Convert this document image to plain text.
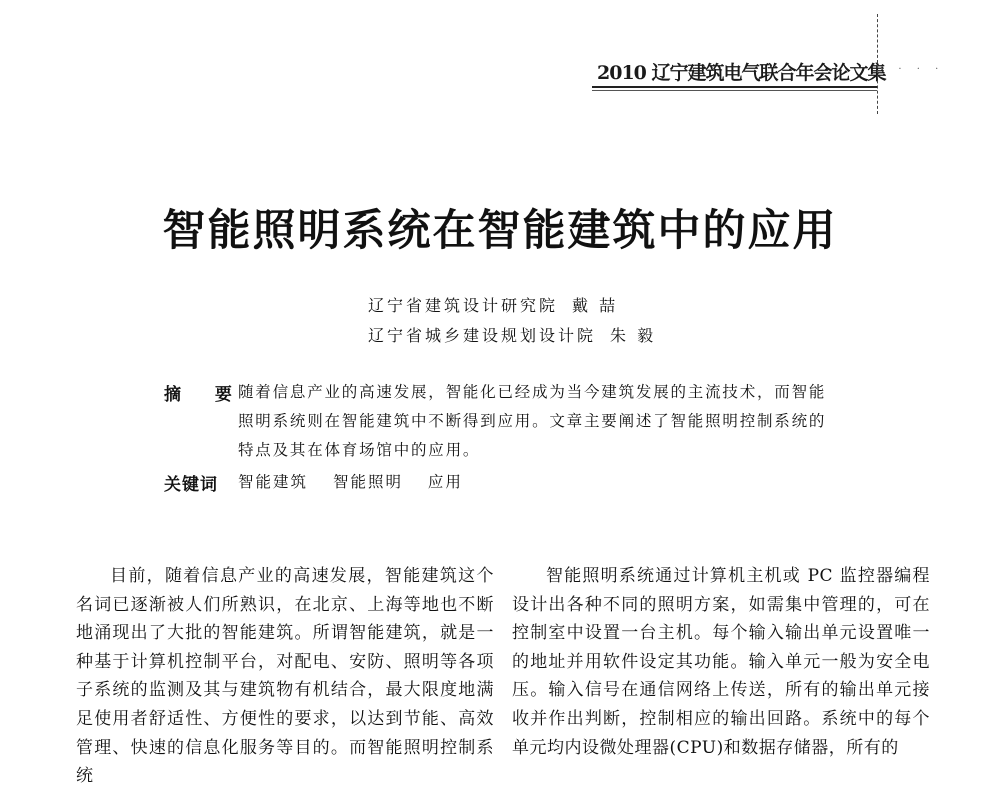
2010 辽宁建筑电气联合年会论文集
· · · ·
智能照明系统在智能建筑中的应用
辽宁省建筑设计研究院 戴 喆
辽宁省城乡建设规划设计院 朱 毅
摘 要
随着信息产业的高速发展，智能化已经成为当今建筑发展的主流技术，而智能照明系统则在智能建筑中不断得到应用。文章主要阐述了智能照明控制系统的特点及其在体育场馆中的应用。
关键词 智能建筑 智能照明 应用
目前，随着信息产业的高速发展，智能建筑这个名词已逐渐被人们所熟识，在北京、上海等地也不断地涌现出了大批的智能建筑。所谓智能建筑，就是一种基于计算机控制平台，对配电、安防、照明等各项子系统的监测及其与建筑物有机结合，最大限度地满足使用者舒适性、方便性的要求，以达到节能、高效管理、快速的信息化服务等目的。而智能照明控制系统
智能照明系统通过计算机主机或 PC 监控器编程设计出各种不同的照明方案，如需集中管理的，可在控制室中设置一台主机。每个输入输出单元设置唯一的地址并用软件设定其功能。输入单元一般为安全电压。输入信号在通信网络上传送，所有的输出单元接收并作出判断，控制相应的输出回路。系统中的每个单元均内设微处理器(CPU)和数据存储器，所有的
